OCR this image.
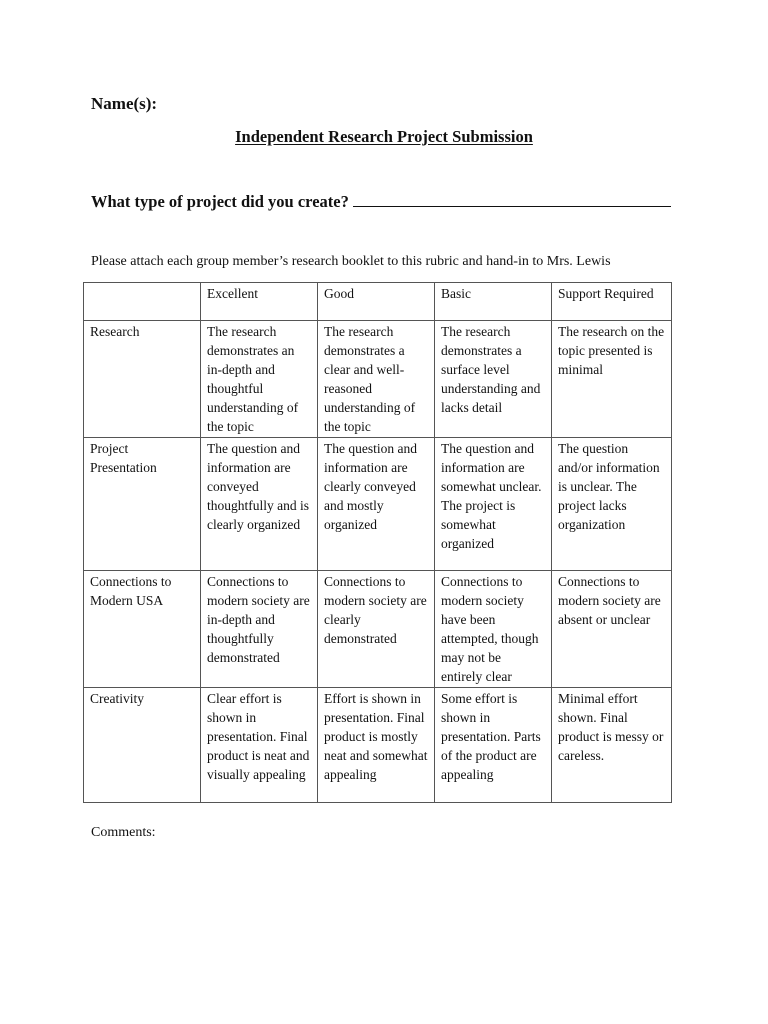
Name(s):
Independent Research Project Submission
What type of project did you create?
Please attach each group member’s research booklet to this rubric and hand-in to Mrs. Lewis
	Excellent	Good	Basic	Support Required
Research	The research demonstrates an in-depth and thoughtful understanding of the topic	The research demonstrates a clear and well-reasoned understanding of the topic	The research demonstrates a surface level understanding and lacks detail	The research on the topic presented is minimal
Project Presentation	The question and information are conveyed thoughtfully and is clearly organized	The question and information are clearly conveyed and mostly organized	The question and information are somewhat unclear. The project is somewhat organized	The question and/or information is unclear. The project lacks organization
Connections to Modern USA	Connections to modern society are in-depth and thoughtfully demonstrated	Connections to modern society are clearly demonstrated	Connections to modern society have been attempted, though may not be entirely clear	Connections to modern society are absent or unclear
Creativity	Clear effort is shown in presentation. Final product is neat and visually appealing	Effort is shown in presentation. Final product is mostly neat and somewhat appealing	Some effort is shown in presentation. Parts of the product are appealing	Minimal effort shown. Final product is messy or careless.
Comments:
